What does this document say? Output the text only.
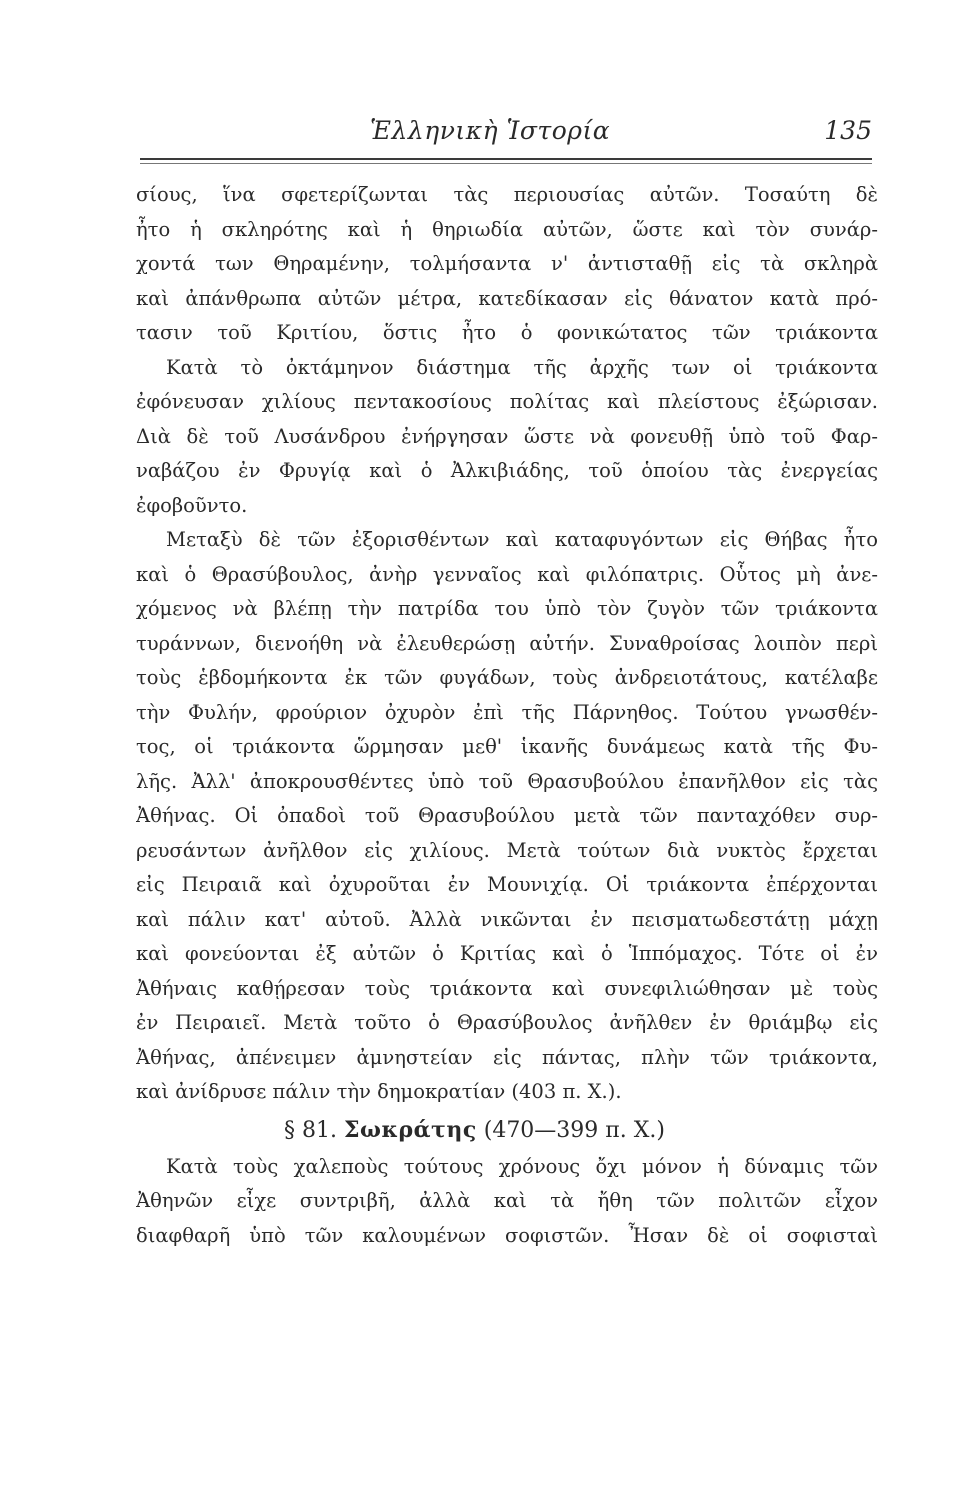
Ἑλληνικὴ Ἱστορία	135
σίους, ἵνα σφετερίζωνται τὰς περιουσίας αὐτῶν. Τοσαύτη δὲ
ἦτο ἡ σκληρότης καὶ ἡ θηριωδία αὐτῶν, ὥστε καὶ τὸν συνάρ-
χοντά των Θηραμένην, τολμήσαντα ν' ἀντισταθῇ εἰς τὰ σκληρὰ
καὶ ἀπάνθρωπα αὐτῶν μέτρα, κατεδίκασαν εἰς θάνατον κατὰ πρό-
τασιν τοῦ Κριτίου, ὅστις ἦτο ὁ φονικώτατος τῶν τριάκοντα
Κατὰ τὸ ὀκτάμηνον διάστημα τῆς ἀρχῆς των οἱ τριάκοντα
ἐφόνευσαν χιλίους πεντακοσίους πολίτας καὶ πλείστους ἐξώρισαν.
Διὰ δὲ τοῦ Λυσάνδρου ἐνήργησαν ὥστε νὰ φονευθῇ ὑπὸ τοῦ Φαρ-
ναβάζου ἐν Φρυγίᾳ καὶ ὁ Ἀλκιβιάδης, τοῦ ὁποίου τὰς ἐνεργείας
ἐφοβοῦντο.
Μεταξὺ δὲ τῶν ἐξορισθέντων καὶ καταφυγόντων εἰς Θήβας ἦτο
καὶ ὁ Θρασύβουλος, ἀνὴρ γενναῖος καὶ φιλόπατρις. Οὗτος μὴ ἀνε-
χόμενος νὰ βλέπῃ τὴν πατρίδα του ὑπὸ τὸν ζυγὸν τῶν τριάκοντα
τυράννων, διενοήθη νὰ ἐλευθερώσῃ αὐτήν. Συναθροίσας λοιπὸν περὶ
τοὺς ἑβδομήκοντα ἐκ τῶν φυγάδων, τοὺς ἀνδρειοτάτους, κατέλαβε
τὴν Φυλήν, φρούριον ὀχυρὸν ἐπὶ τῆς Πάρνηθος. Τούτου γνωσθέν-
τος, οἱ τριάκοντα ὥρμησαν μεθ' ἱκανῆς δυνάμεως κατὰ τῆς Φυ-
λῆς. Ἀλλ' ἀποκρουσθέντες ὑπὸ τοῦ Θρασυβούλου ἐπανῆλθον εἰς τὰς
Ἀθήνας. Οἱ ὀπαδοὶ τοῦ Θρασυβούλου μετὰ τῶν πανταχόθεν συρ-
ρευσάντων ἀνῆλθον εἰς χιλίους. Μετὰ τούτων διὰ νυκτὸς ἔρχεται
εἰς Πειραιᾶ καὶ ὀχυροῦται ἐν Μουνιχίᾳ. Οἱ τριάκοντα ἐπέρχονται
καὶ πάλιν κατ' αὐτοῦ. Ἀλλὰ νικῶνται ἐν πεισματωδεστάτῃ μάχῃ
καὶ φονεύονται ἐξ αὐτῶν ὁ Κριτίας καὶ ὁ Ἱππόμαχος. Τότε οἱ ἐν
Ἀθήναις καθῄρεσαν τοὺς τριάκοντα καὶ συνεφιλιώθησαν μὲ τοὺς
ἐν Πειραιεῖ. Μετὰ τοῦτο ὁ Θρασύβουλος ἀνῆλθεν ἐν θριάμβῳ εἰς
Ἀθήνας, ἀπένειμεν ἀμνηστείαν εἰς πάντας, πλὴν τῶν τριάκοντα,
καὶ ἀνίδρυσε πάλιν τὴν δημοκρατίαν (403 π. Χ.).
§ 81. Σωκράτης (470—399 π. Χ.)
Κατὰ τοὺς χαλεποὺς τούτους χρόνους ὄχι μόνον ἡ δύναμις τῶν
Ἀθηνῶν εἶχε συντριβῆ, ἀλλὰ καὶ τὰ ἤθη τῶν πολιτῶν εἶχον
διαφθαρῆ ὑπὸ τῶν καλουμένων σοφιστῶν. Ἦσαν δὲ οἱ σοφισταὶ
